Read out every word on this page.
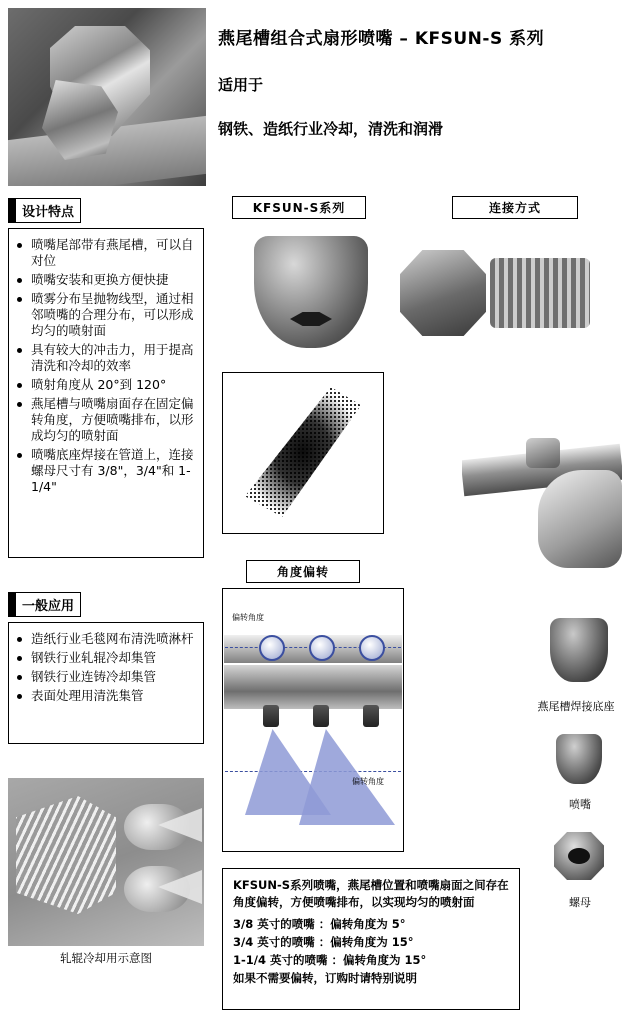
燕尾槽组合式扇形喷嘴 – KFSUN-S 系列
适用于
钢铁、造纸行业冷却，清洗和润滑
设计特点
喷嘴尾部带有燕尾槽，可以自对位
喷嘴安装和更换方便快捷
喷雾分布呈抛物线型，通过相邻喷嘴的合理分布，可以形成均匀的喷射面
具有较大的冲击力，用于提高清洗和冷却的效率
喷射角度从 20°到 120°
燕尾槽与喷嘴扇面存在固定偏转角度，方便喷嘴排布，以形成均匀的喷射面
喷嘴底座焊接在管道上，连接螺母尺寸有 3/8"，3/4"和 1-1/4"
一般应用
造纸行业毛毯网布清洗喷淋杆
钢铁行业轧辊冷却集管
钢铁行业连铸冷却集管
表面处理用清洗集管
轧辊冷却用示意图
KFSUN-S系列	连接方式
角度偏转
偏转角度
偏转角度
燕尾槽焊接底座
喷嘴
螺母
KFSUN-S系列喷嘴，燕尾槽位置和喷嘴扇面之间存在角度偏转，方便喷嘴排布，以实现均匀的喷射面
3/8 英寸的喷嘴 ：偏转角度为 5°
3/4 英寸的喷嘴 ：偏转角度为 15°
1-1/4 英寸的喷嘴 ：偏转角度为 15°
如果不需要偏转，订购时请特别说明
